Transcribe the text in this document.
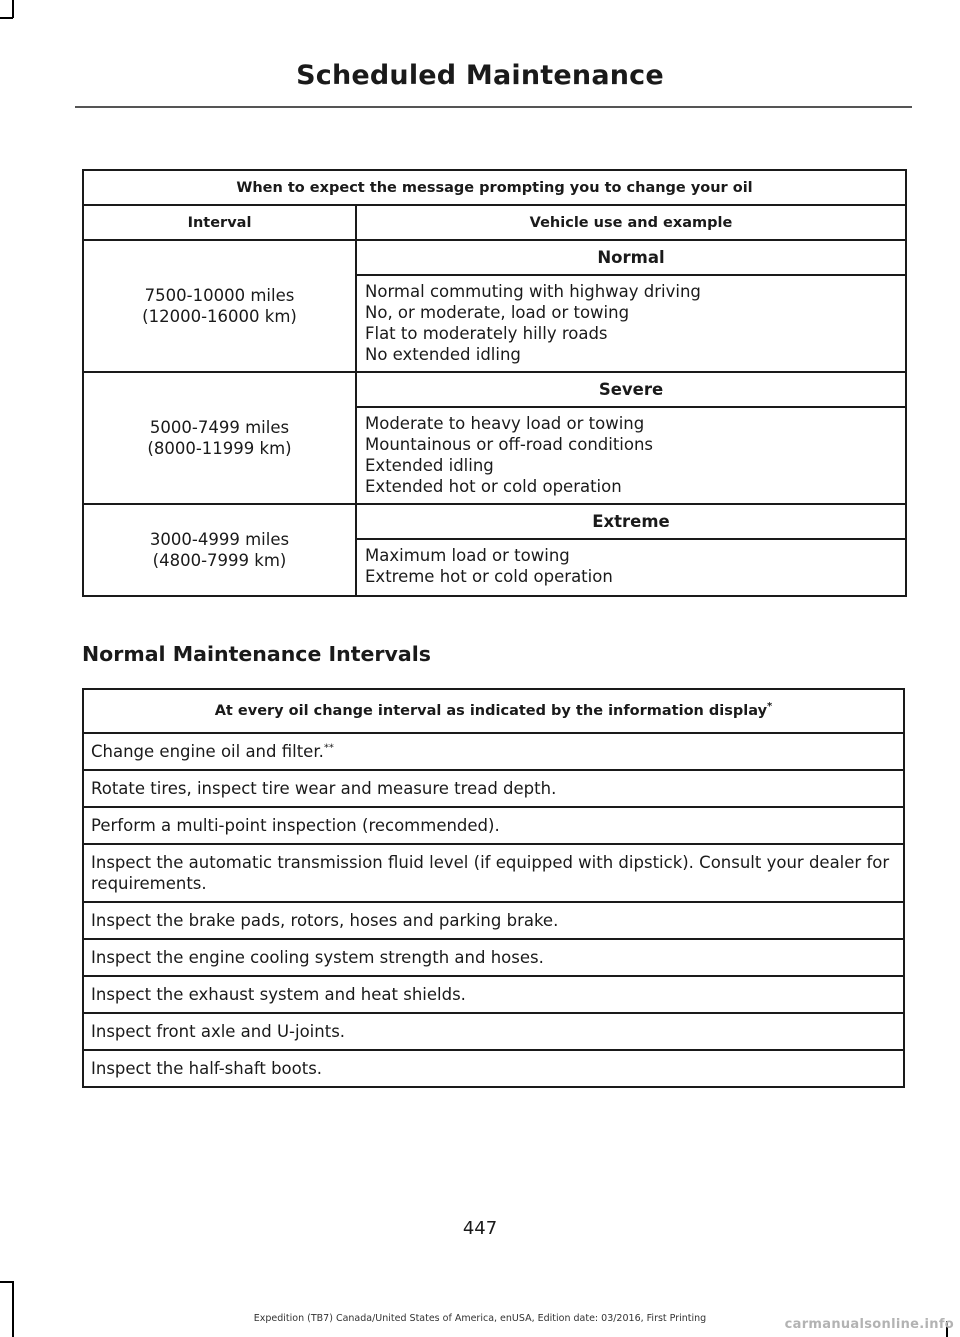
Scheduled Maintenance
When to expect the message prompting you to change your oil	
Interval	Vehicle use and example

7500-10000 miles
(12000-16000 km)	Normal

	Normal commuting with highway driving
No, or moderate, load or towing
Flat to moderately hilly roads
No extended idling

5000-7499 miles
(8000-11999 km)	Severe

	Moderate to heavy load or towing
Mountainous or off-road conditions
Extended idling
Extended hot or cold operation

3000-4999 miles
(4800-7999 km)	Extreme

	Maximum load or towing
Extreme hot or cold operation
Normal Maintenance Intervals
At every oil change interval as indicated by the information display*
Change engine oil and filter.**
Rotate tires, inspect tire wear and measure tread depth.
Perform a multi-point inspection (recommended).
Inspect the automatic transmission fluid level (if equipped with dipstick). Consult your dealer for requirements.
Inspect the brake pads, rotors, hoses and parking brake.
Inspect the engine cooling system strength and hoses.
Inspect the exhaust system and heat shields.
Inspect front axle and U-joints.
Inspect the half-shaft boots.
447
Expedition (TB7) Canada/United States of America, enUSA, Edition date: 03/2016, First Printing	carmanualsonline.info
